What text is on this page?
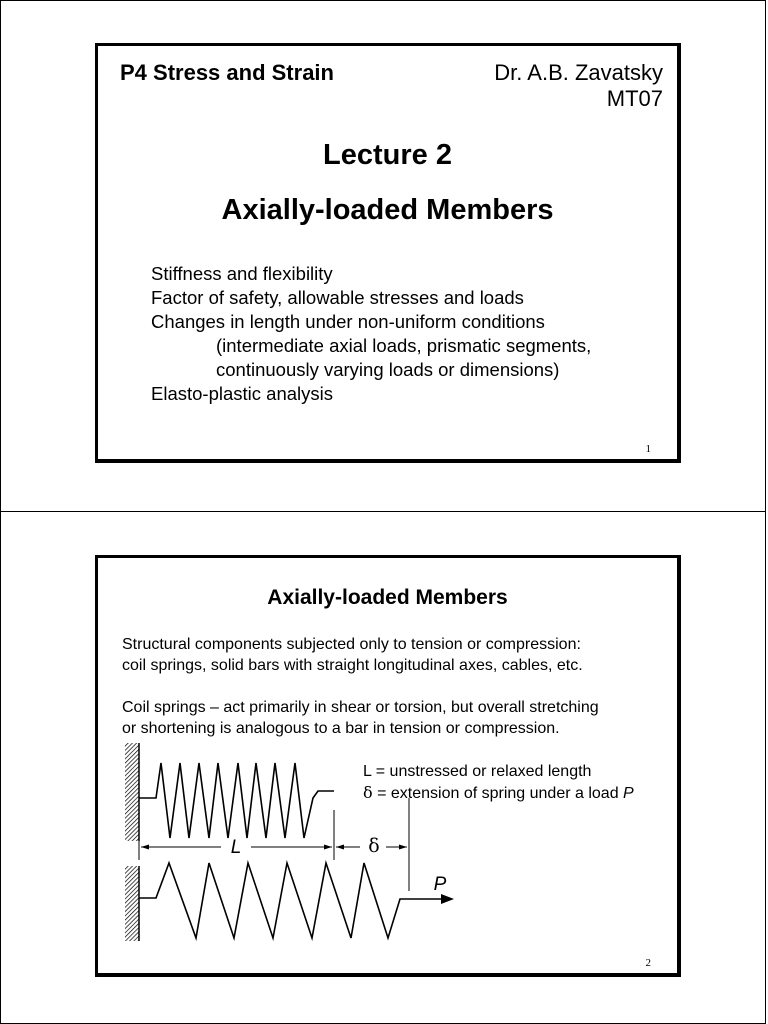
P4 Stress and Strain	Dr. A.B. Zavatsky

MT07

Lecture 2

Axially-loaded Members

Stiffness and flexibility

Factor of safety, allowable stresses and loads

Changes in length under non-uniform conditions

(intermediate axial loads, prismatic segments,

continuously varying loads or dimensions)

Elasto-plastic analysis

1

Axially-loaded Members

Structural components subjected only to tension or compression:

coil springs, solid bars with straight longitudinal axes, cables, etc.

Coil springs – act primarily in shear or torsion, but overall stretching

or shortening is analogous to a bar in tension or compression.

L = unstressed or relaxed length

δ = extension of spring under a load P

L	δ
P

2
